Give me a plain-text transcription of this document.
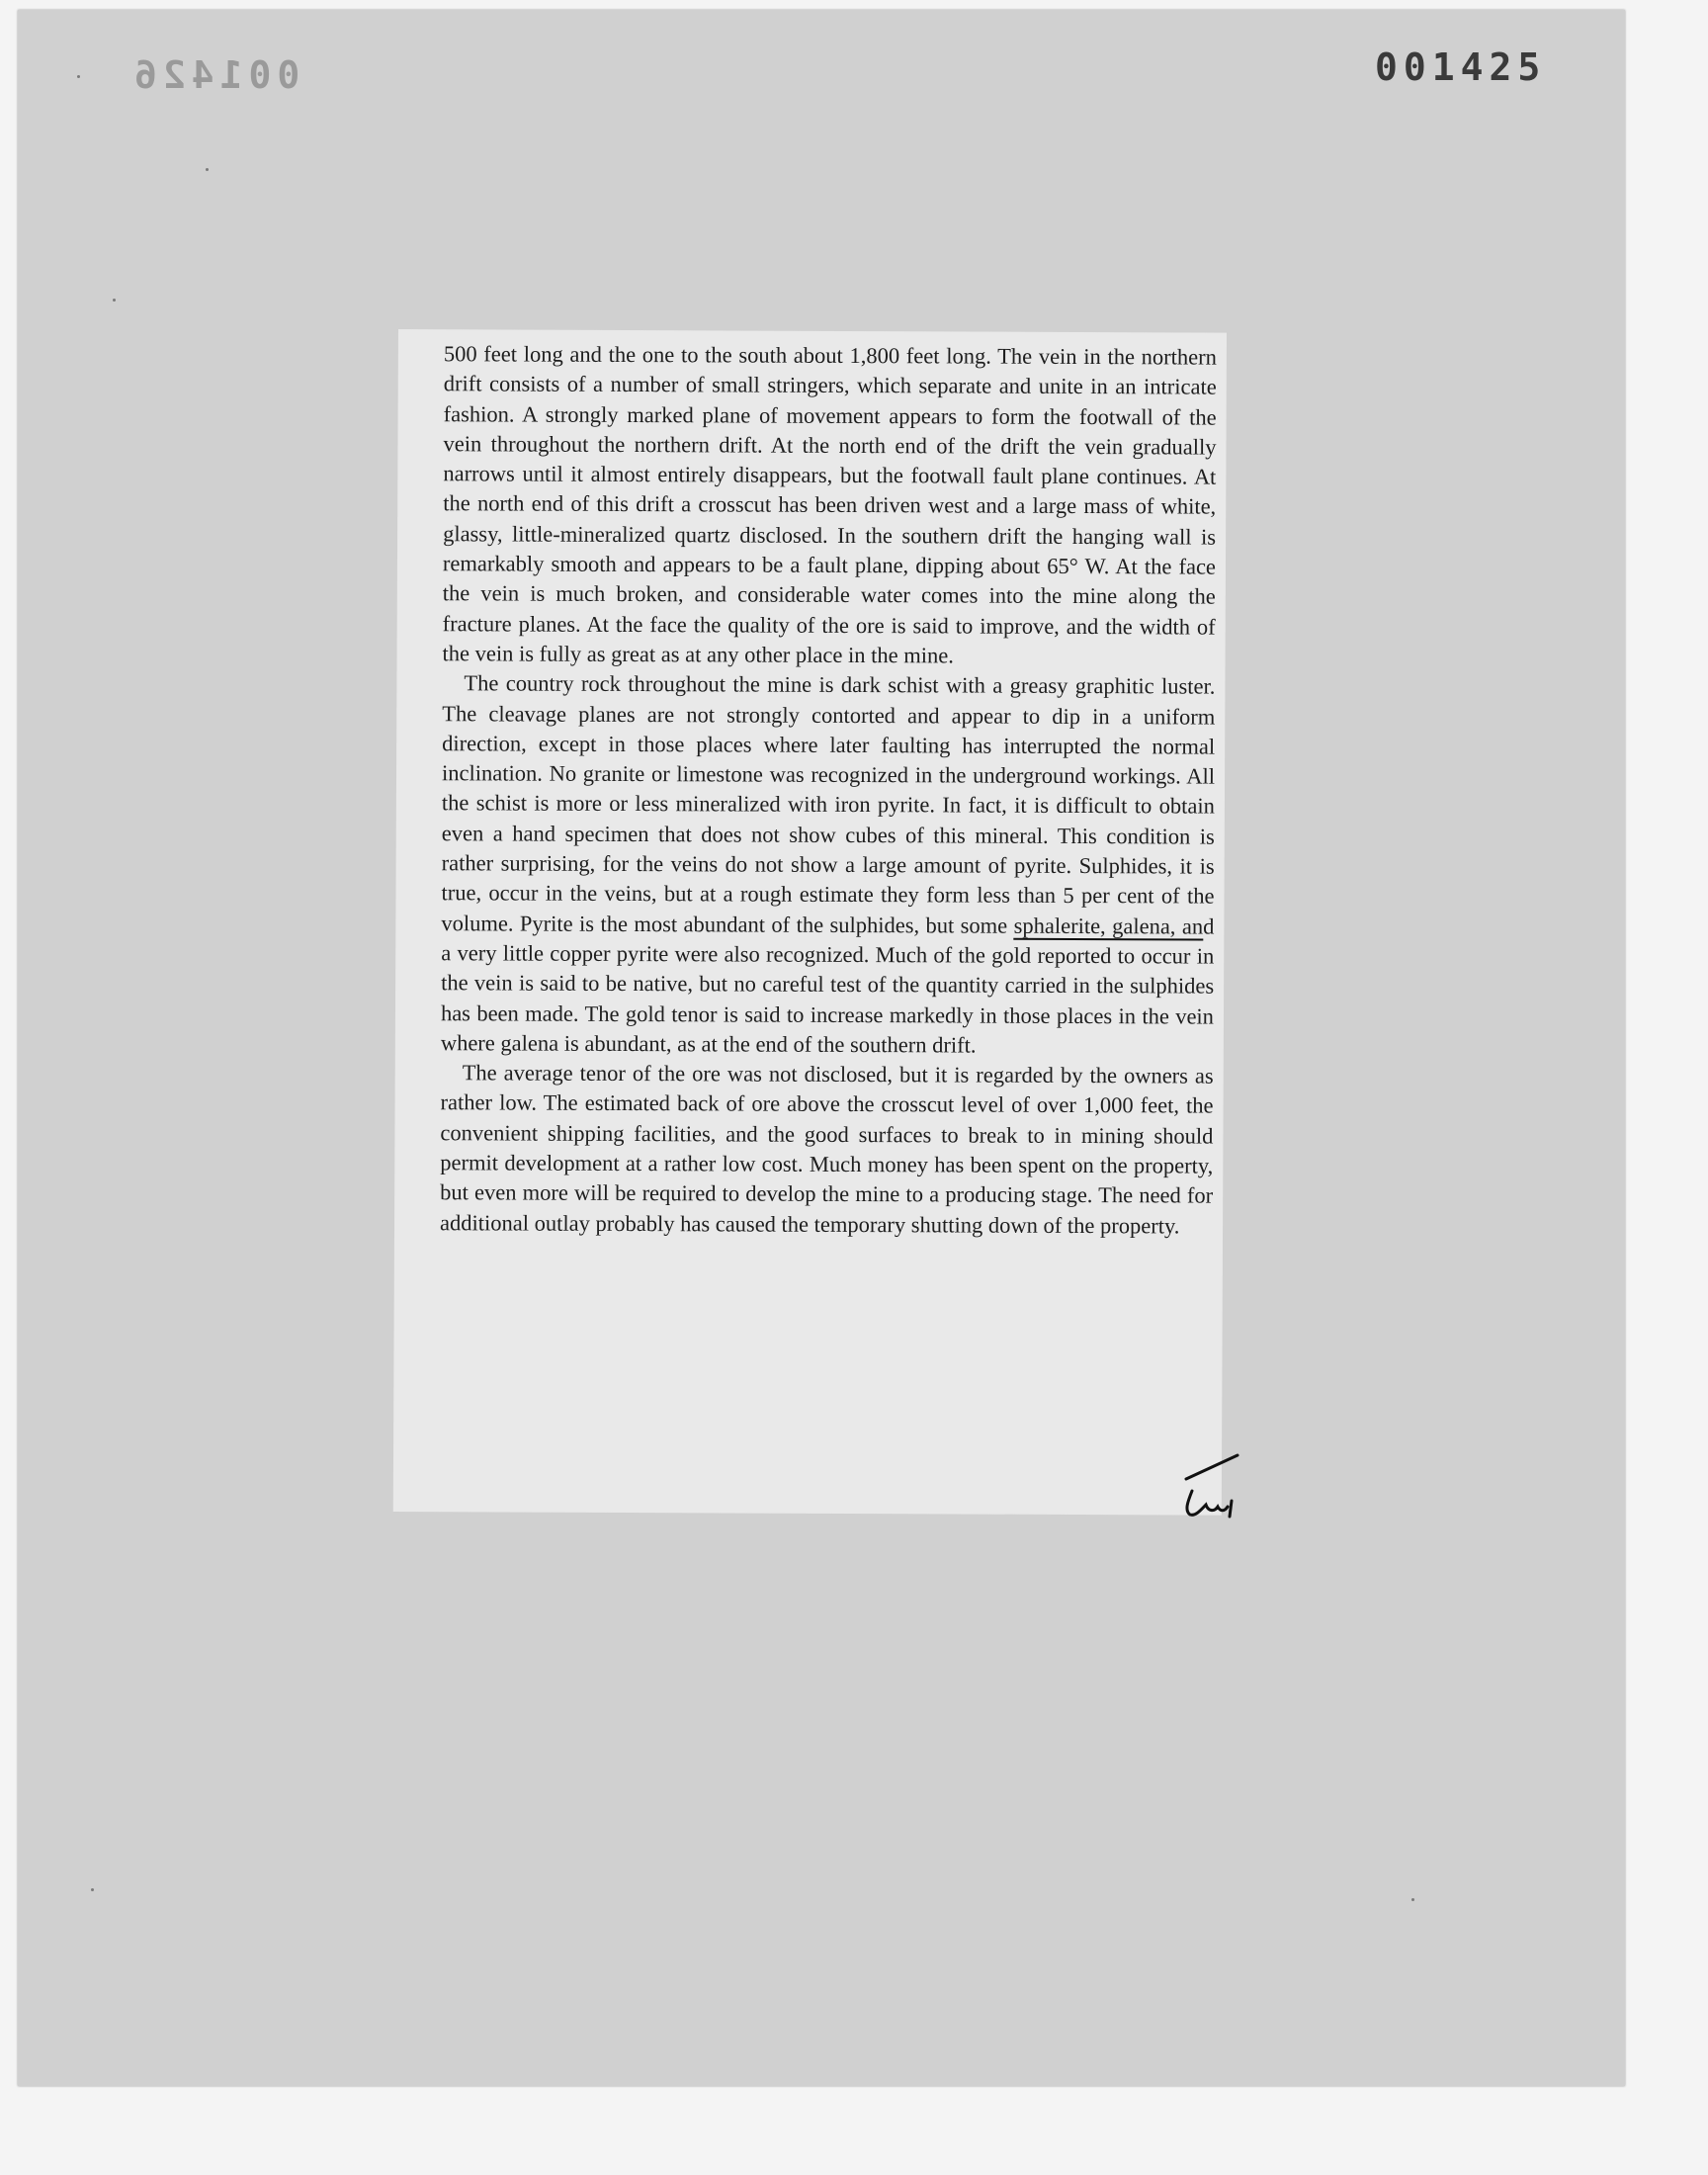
001426	001425

500 feet long and the one to the south about 1,800 feet long. The vein in the northern drift consists of a number of small stringers, which separate and unite in an intricate fashion. A strongly marked plane of movement appears to form the footwall of the vein throughout the northern drift. At the north end of the drift the vein gradually narrows until it almost entirely disappears, but the footwall fault plane continues. At the north end of this drift a crosscut has been driven west and a large mass of white, glassy, little-mineralized quartz disclosed. In the southern drift the hanging wall is remarkably smooth and appears to be a fault plane, dipping about 65° W. At the face the vein is much broken, and considerable water comes into the mine along the fracture planes. At the face the quality of the ore is said to improve, and the width of the vein is fully as great as at any other place in the mine.

The country rock throughout the mine is dark schist with a greasy graphitic luster. The cleavage planes are not strongly contorted and appear to dip in a uniform direction, except in those places where later faulting has interrupted the normal inclination. No granite or limestone was recognized in the underground workings. All the schist is more or less mineralized with iron pyrite. In fact, it is difficult to obtain even a hand specimen that does not show cubes of this mineral. This condition is rather surprising, for the veins do not show a large amount of pyrite. Sulphides, it is true, occur in the veins, but at a rough estimate they form less than 5 per cent of the volume. Pyrite is the most abundant of the sulphides, but some sphalerite, galena, and a very little copper pyrite were also recognized. Much of the gold reported to occur in the vein is said to be native, but no careful test of the quantity carried in the sulphides has been made. The gold tenor is said to increase markedly in those places in the vein where galena is abundant, as at the end of the southern drift.

The average tenor of the ore was not disclosed, but it is regarded by the owners as rather low. The estimated back of ore above the crosscut level of over 1,000 feet, the convenient shipping facilities, and the good surfaces to break to in mining should permit development at a rather low cost. Much money has been spent on the property, but even more will be required to develop the mine to a producing stage. The need for additional outlay probably has caused the temporary shutting down of the property.
